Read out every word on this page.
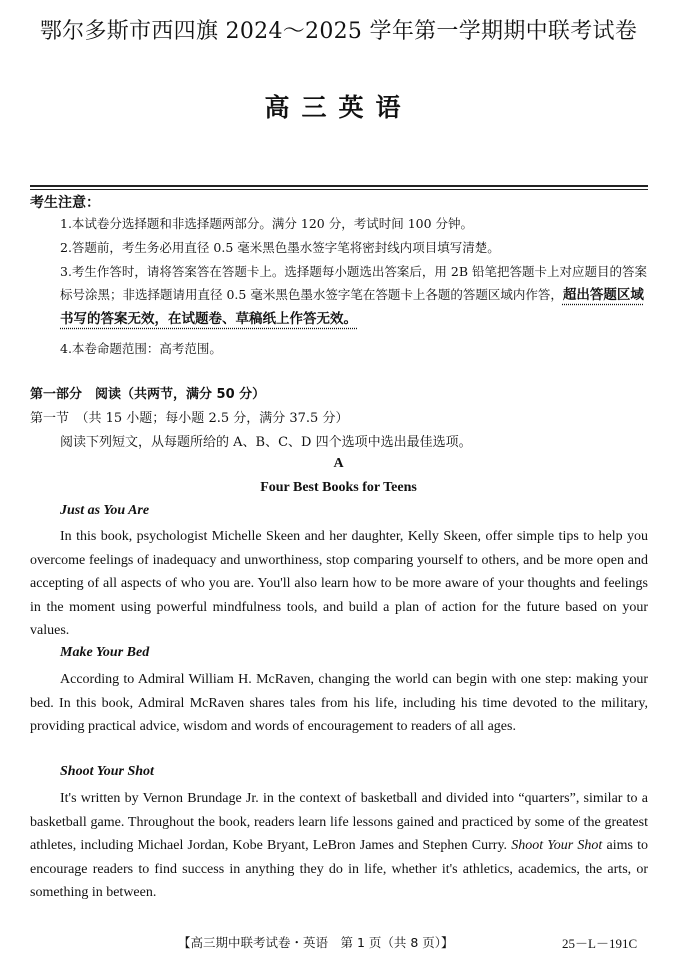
鄂尔多斯市西四旗 2024～2025 学年第一学期期中联考试卷
高三英语
考生注意：
1.本试卷分选择题和非选择题两部分。满分 120 分，考试时间 100 分钟。
2.答题前，考生务必用直径 0.5 毫米黑色墨水签字笔将密封线内项目填写清楚。
3.考生作答时，请将答案答在答题卡上。选择题每小题选出答案后，用 2B 铅笔把答题卡上对应题目的答案标号涂黑；非选择题请用直径 0.5 毫米黑色墨水签字笔在答题卡上各题的答题区域内作答，超出答题区域书写的答案无效，在试题卷、草稿纸上作答无效。
4.本卷命题范围：高考范围。
第一部分　阅读（共两节，满分 50 分）
第一节　（共 15 小题；每小题 2.5 分，满分 37.5 分）
阅读下列短文，从每题所给的 A、B、C、D 四个选项中选出最佳选项。
A
Four Best Books for Teens
Just as You Are

In this book, psychologist Michelle Skeen and her daughter, Kelly Skeen, offer simple tips to help you overcome feelings of inadequacy and unworthiness, stop comparing yourself to others, and be more open and accepting of all aspects of who you are. You'll also learn how to be more aware of your thoughts and feelings in the moment using powerful mindfulness tools, and build a plan of action for the future based on your values.

Make Your Bed

According to Admiral William H. McRaven, changing the world can begin with one step: making your bed. In this book, Admiral McRaven shares tales from his life, including his time devoted to the military, providing practical advice, wisdom and words of encouragement to readers of all ages.

Shoot Your Shot

It's written by Vernon Brundage Jr. in the context of basketball and divided into “quarters”, similar to a basketball game. Throughout the book, readers learn life lessons gained and practiced by some of the greatest athletes, including Michael Jordan, Kobe Bryant, LeBron James and Stephen Curry. Shoot Your Shot aims to encourage readers to find success in anything they do in life, whether it's athletics, academics, the arts, or something in between.

【高三期中联考试卷・英语　第 1 页（共 8 页）】	25－L－191C
